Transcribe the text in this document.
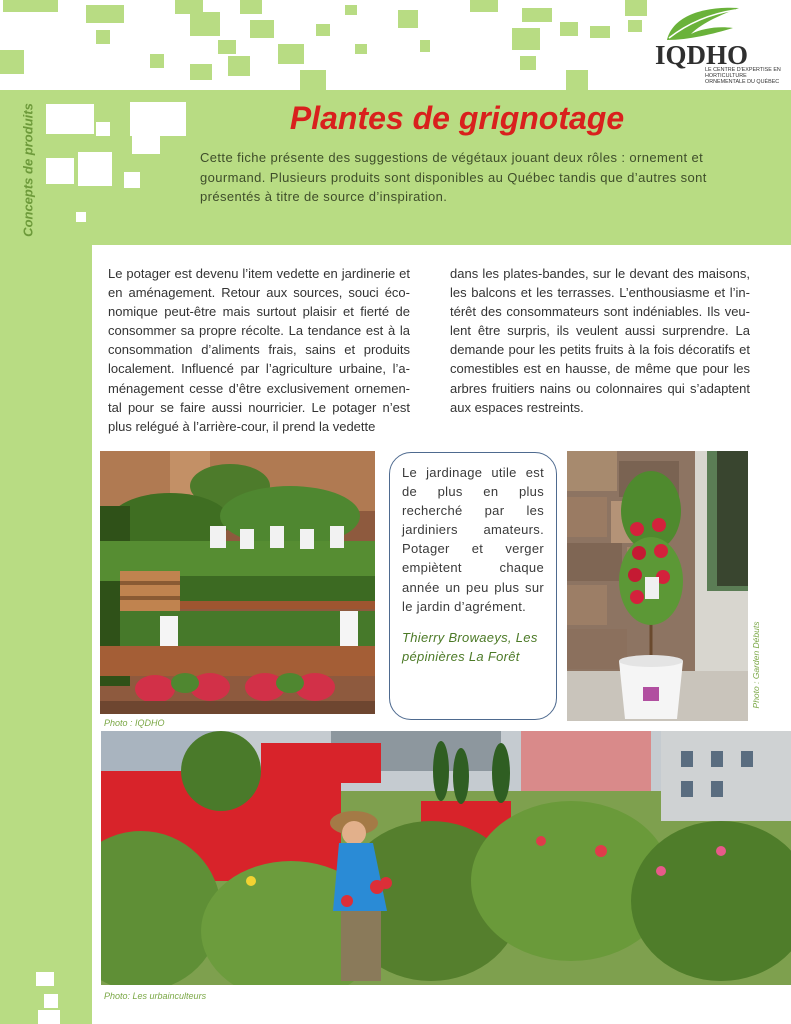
Concepts de produits
IQDHO
LE CENTRE D'EXPERTISE EN HORTICULTURE ORNEMENTALE DU QUÉBEC
Plantes de grignotage

Cette fiche présente des suggestions de végétaux jouant deux rôles : ornement et gourmand. Plusieurs produits sont disponibles au Québec tandis que d’autres sont présentés à titre de source d’inspiration.

Le potager est devenu l’item vedette en jardinerie et en aménagement. Retour aux sources, souci éco-nomique peut-être mais surtout plaisir et fierté de consommer sa propre récolte. La tendance est à la consommation d’aliments frais, sains et produits localement. Influencé par l’agriculture urbaine, l’a-ménagement cesse d’être exclusivement ornemen-tal pour se faire aussi nourricier. Le potager n’est plus relégué à l’arrière-cour, il prend la vedette

dans les plates-bandes, sur le devant des maisons, les balcons et les terrasses. L’enthousiasme et l’in-térêt des consommateurs sont indéniables. Ils veu-lent être surpris, ils veulent aussi surprendre. La demande pour les petits fruits à la fois décoratifs et comestibles est en hausse, de même que pour les arbres fruitiers nains ou colonnaires qui s’adaptent aux espaces restreints.

Photo : IQDHO

Le jardinage utile est de plus en plus recherché par les jardiniers amateurs. Potager et verger empiètent chaque année un peu plus sur le jardin d’agrément.

Thierry Browaeys, Les pépinières La Forêt	Photo : Garden Débuts
Photo: Les urbainculteurs
